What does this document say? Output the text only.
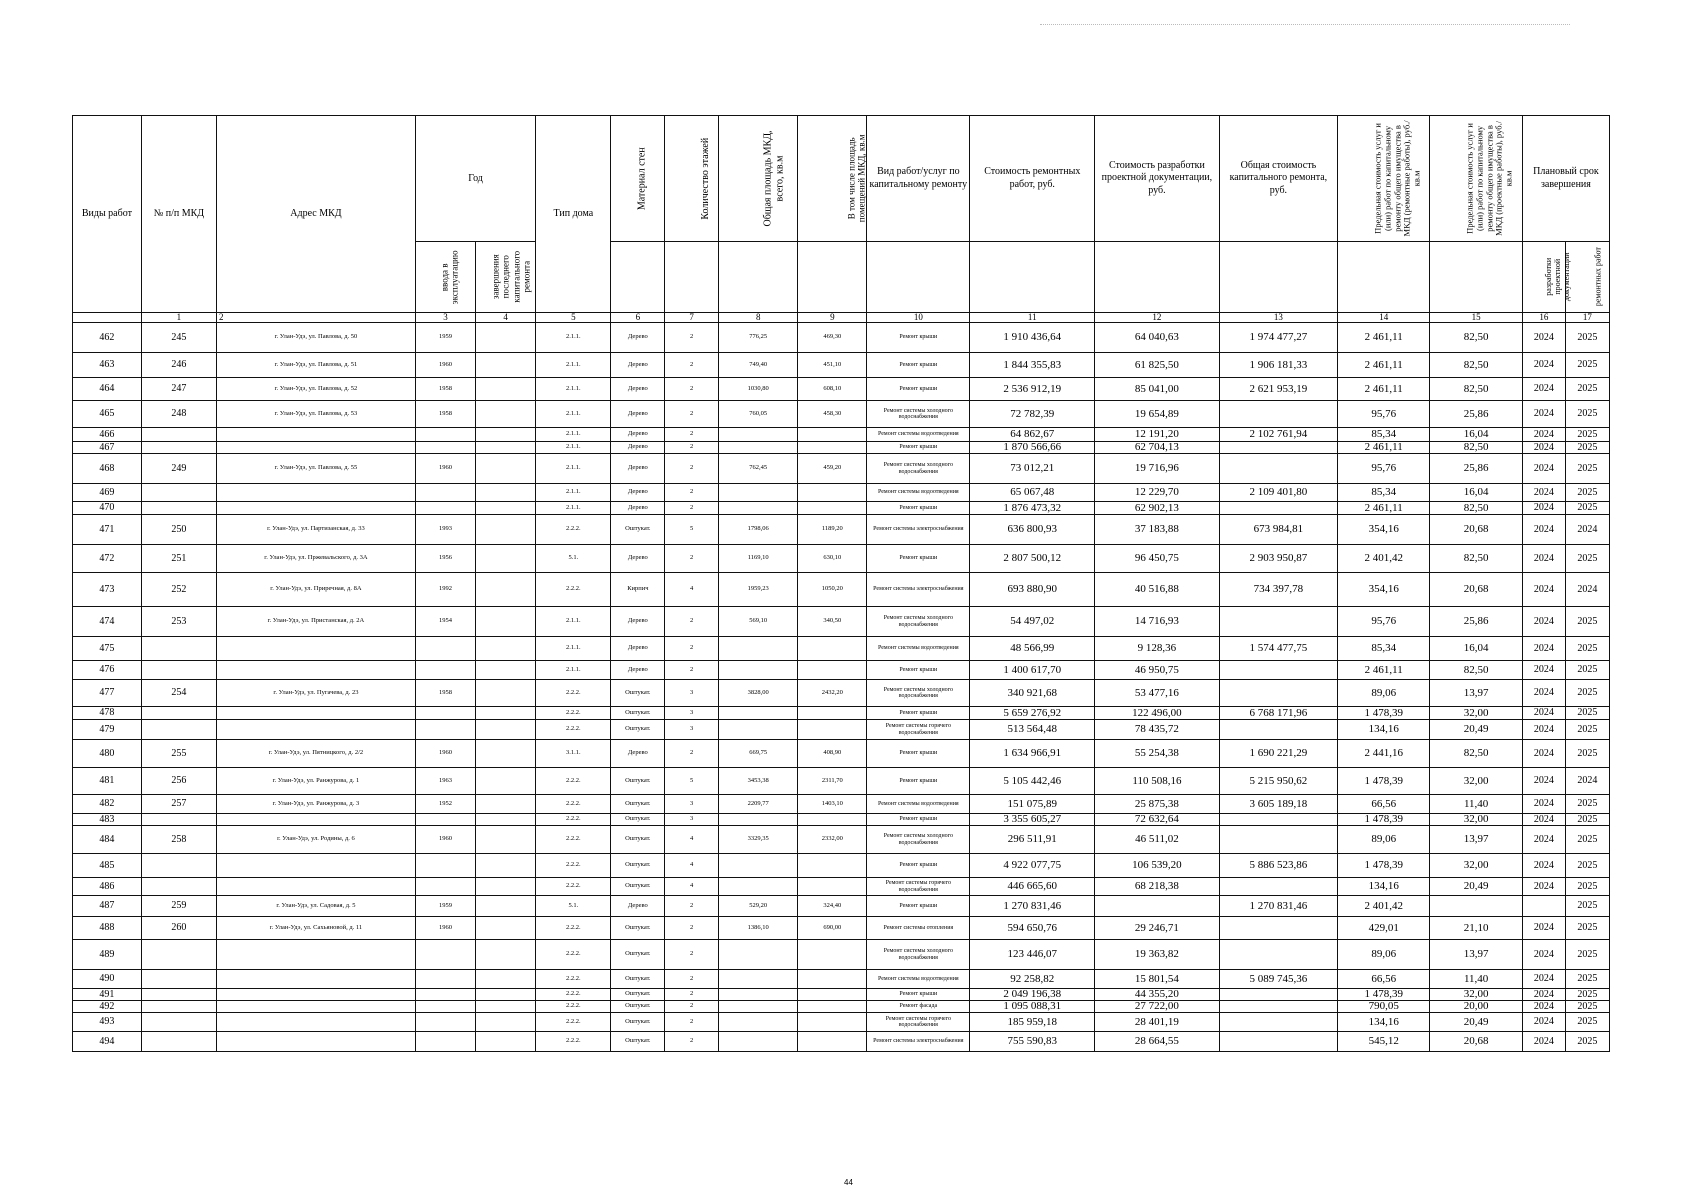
Виды работ	№ п/п МКД	Адрес МКД	Год		Тип дома	Материал стен	Количество этажей	Общая площадь МКД, всего, кв.м	В том числе площадь помещений МКД, кв.м	Вид работ/услуг по капитальному ремонту	Стоимость ремонтных работ, руб.	Стоимость разработки проектной документации, руб.	Общая стоимость капитального ремонта, руб.	Предельная стоимость услуг и (или) работ по капитальному ремонту общего имущества в МКД (ремонтные работы), руб./кв.м	Предельная стоимость услуг и (или) работ по капитальному ремонту общего имущества в МКД (проектные работы), руб./кв.м	Плановый срок завершения	
			ввода в эксплуатацию	завершения последнего капитального ремонта												разработки проектной документации	ремонтных работ
	1	2	3	4	5	6	7	8	9	10	11	12	13	14	15	16	17
462	245	г. Улан-Удэ, ул. Павлова, д. 50	1959		2.1.1.	Дерево	2	776,25	469,30	Ремонт крыши	1 910 436,64	64 040,63	1 974 477,27	2 461,11	82,50	2024	2025
463	246	г. Улан-Удэ, ул. Павлова, д. 51	1960		2.1.1.	Дерево	2	749,40	451,10	Ремонт крыши	1 844 355,83	61 825,50	1 906 181,33	2 461,11	82,50	2024	2025
464	247	г. Улан-Удэ, ул. Павлова, д. 52	1958		2.1.1.	Дерево	2	1030,80	608,10	Ремонт крыши	2 536 912,19	85 041,00	2 621 953,19	2 461,11	82,50	2024	2025
465	248	г. Улан-Удэ, ул. Павлова, д. 53	1958		2.1.1.	Дерево	2	760,05	458,30	Ремонт системы холодного водоснабжения	72 782,39	19 654,89		95,76	25,86	2024	2025
466					2.1.1.	Дерево	2			Ремонт системы водоотведения	64 862,67	12 191,20	2 102 761,94	85,34	16,04	2024	2025
467					2.1.1.	Дерево	2			Ремонт крыши	1 870 566,66	62 704,13		2 461,11	82,50	2024	2025
468	249	г. Улан-Удэ, ул. Павлова, д. 55	1960		2.1.1.	Дерево	2	762,45	459,20	Ремонт системы холодного водоснабжения	73 012,21	19 716,96		95,76	25,86	2024	2025
469					2.1.1.	Дерево	2			Ремонт системы водоотведения	65 067,48	12 229,70	2 109 401,80	85,34	16,04	2024	2025
470					2.1.1.	Дерево	2			Ремонт крыши	1 876 473,32	62 902,13		2 461,11	82,50	2024	2025
471	250	г. Улан-Удэ, ул. Партизанская, д. 33	1993		2.2.2.	Оштукат.	5	1798,06	1189,20	Ремонт системы электроснабжения	636 800,93	37 183,88	673 984,81	354,16	20,68	2024	2024
472	251	г. Улан-Удэ, ул. Пржевальского, д. 3А	1956		5.1.	Дерево	2	1169,10	630,10	Ремонт крыши	2 807 500,12	96 450,75	2 903 950,87	2 401,42	82,50	2024	2025
473	252	г. Улан-Удэ, ул. Приречная, д. 8А	1992		2.2.2.	Кирпич	4	1959,23	1050,20	Ремонт системы электроснабжения	693 880,90	40 516,88	734 397,78	354,16	20,68	2024	2024
474	253	г. Улан-Удэ, ул. Пристанская, д. 2А	1954		2.1.1.	Дерево	2	569,10	340,50	Ремонт системы холодного водоснабжения	54 497,02	14 716,93		95,76	25,86	2024	2025
475					2.1.1.	Дерево	2			Ремонт системы водоотведения	48 566,99	9 128,36	1 574 477,75	85,34	16,04	2024	2025
476					2.1.1.	Дерево	2			Ремонт крыши	1 400 617,70	46 950,75		2 461,11	82,50	2024	2025
477	254	г. Улан-Удэ, ул. Пугачева, д. 23	1958		2.2.2.	Оштукат.	3	3828,00	2432,20	Ремонт системы холодного водоснабжения	340 921,68	53 477,16		89,06	13,97	2024	2025
478					2.2.2.	Оштукат.	3			Ремонт крыши	5 659 276,92	122 496,00	6 768 171,96	1 478,39	32,00	2024	2025
479					2.2.2.	Оштукат.	3			Ремонт системы горячего водоснабжения	513 564,48	78 435,72		134,16	20,49	2024	2025
480	255	г. Улан-Удэ, ул. Пятницкого, д. 2/2	1960		3.1.1.	Дерево	2	669,75	408,90	Ремонт крыши	1 634 966,91	55 254,38	1 690 221,29	2 441,16	82,50	2024	2025
481	256	г. Улан-Удэ, ул. Ранжурова, д. 1	1963		2.2.2.	Оштукат.	5	3453,38	2311,70	Ремонт крыши	5 105 442,46	110 508,16	5 215 950,62	1 478,39	32,00	2024	2024
482	257	г. Улан-Удэ, ул. Ранжурова, д. 3	1952		2.2.2.	Оштукат.	3	2209,77	1403,10	Ремонт системы водоотведения	151 075,89	25 875,38	3 605 189,18	66,56	11,40	2024	2025
483					2.2.2.	Оштукат.	3			Ремонт крыши	3 355 605,27	72 632,64		1 478,39	32,00	2024	2025
484	258	г. Улан-Удэ, ул. Родины, д. 6	1960		2.2.2.	Оштукат.	4	3329,35	2332,00	Ремонт системы холодного водоснабжения	296 511,91	46 511,02		89,06	13,97	2024	2025
485					2.2.2.	Оштукат.	4			Ремонт крыши	4 922 077,75	106 539,20	5 886 523,86	1 478,39	32,00	2024	2025
486					2.2.2.	Оштукат.	4			Ремонт системы горячего водоснабжения	446 665,60	68 218,38		134,16	20,49	2024	2025
487	259	г. Улан-Удэ, ул. Садовая, д. 5	1959		5.1.	Дерево	2	529,20	324,40	Ремонт крыши	1 270 831,46		1 270 831,46	2 401,42			2025
488	260	г. Улан-Удэ, ул. Сахьяновой, д. 11	1960		2.2.2.	Оштукат.	2	1386,10	690,00	Ремонт системы отопления	594 650,76	29 246,71		429,01	21,10	2024	2025
489					2.2.2.	Оштукат.	2			Ремонт системы холодного водоснабжения	123 446,07	19 363,82		89,06	13,97	2024	2025
490					2.2.2.	Оштукат.	2			Ремонт системы водоотведения	92 258,82	15 801,54	5 089 745,36	66,56	11,40	2024	2025
491					2.2.2.	Оштукат.	2			Ремонт крыши	2 049 196,38	44 355,20		1 478,39	32,00	2024	2025
492					2.2.2.	Оштукат.	2			Ремонт фасада	1 095 088,31	27 722,00		790,05	20,00	2024	2025
493					2.2.2.	Оштукат.	2			Ремонт системы горячего водоснабжения	185 959,18	28 401,19		134,16	20,49	2024	2025
494					2.2.2.	Оштукат.	2			Ремонт системы электроснабжения	755 590,83	28 664,55		545,12	20,68	2024	2025
44
